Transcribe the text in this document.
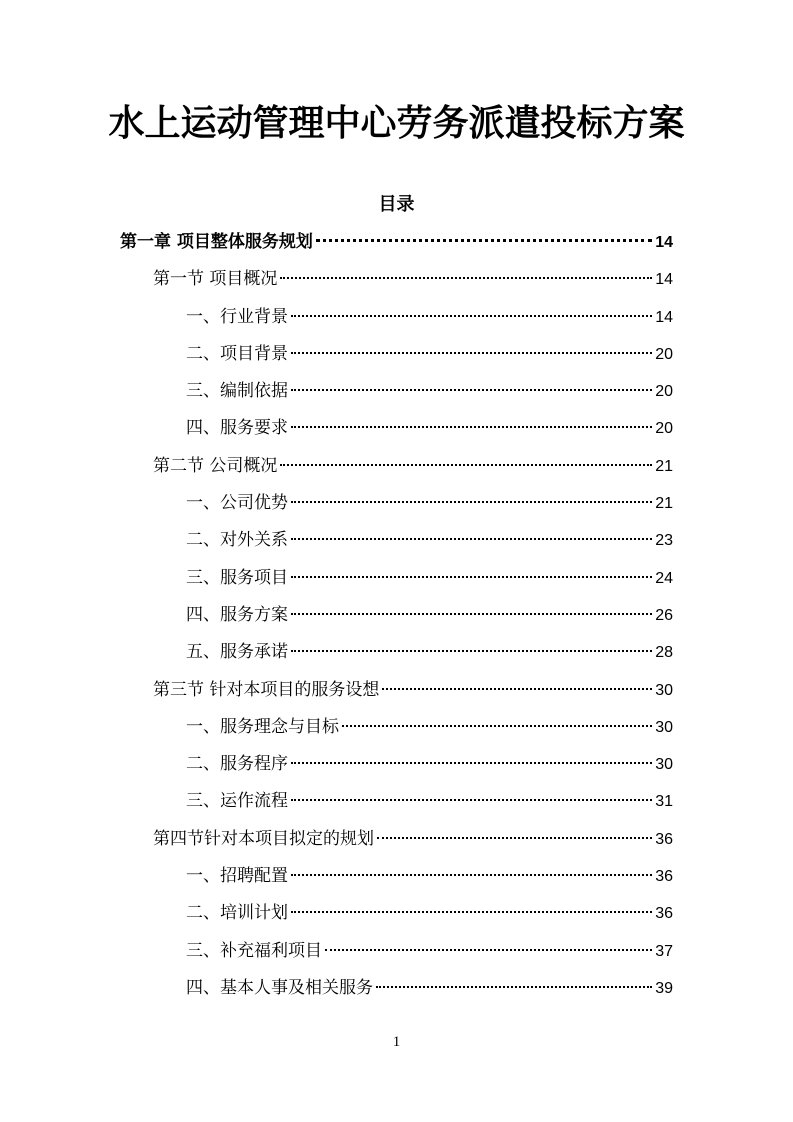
水上运动管理中心劳务派遣投标方案
目录
第一章 项目整体服务规划	14
第一节 项目概况	14
一、行业背景	14
二、项目背景	20
三、编制依据	20
四、服务要求	20
第二节 公司概况	21
一、公司优势	21
二、对外关系	23
三、服务项目	24
四、服务方案	26
五、服务承诺	28
第三节 针对本项目的服务设想	30
一、服务理念与目标	30
二、服务程序	30
三、运作流程	31
第四节针对本项目拟定的规划	36
一、招聘配置	36
二、培训计划	36
三、补充福利项目	37
四、基本人事及相关服务	39
1
